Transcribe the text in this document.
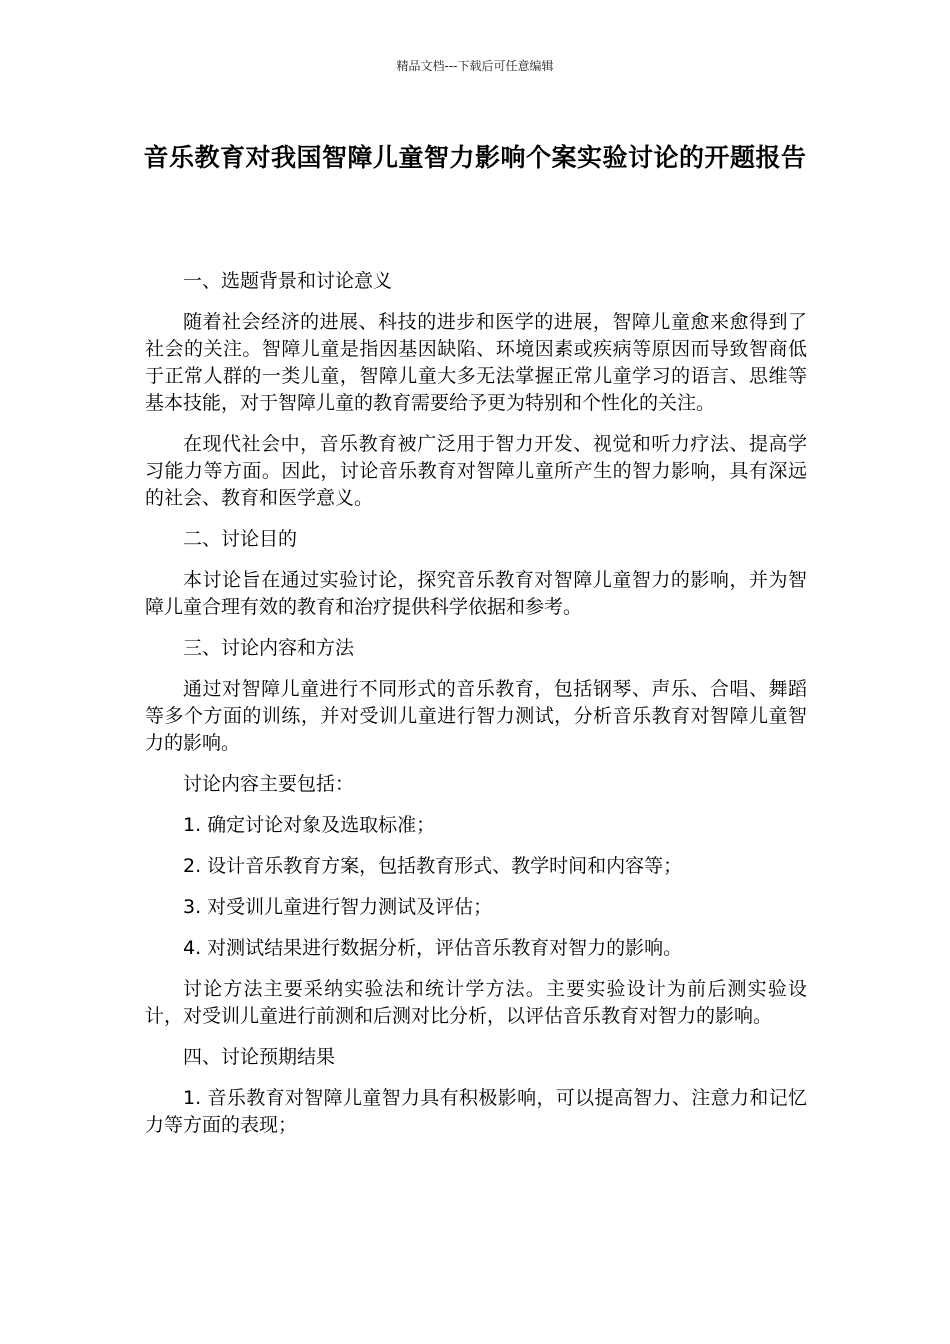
精品文档---下载后可任意编辑
音乐教育对我国智障儿童智力影响个案实验讨论的开题报告

一、选题背景和讨论意义

随着社会经济的进展、科技的进步和医学的进展，智障儿童愈来愈得到了社会的关注。智障儿童是指因基因缺陷、环境因素或疾病等原因而导致智商低于正常人群的一类儿童，智障儿童大多无法掌握正常儿童学习的语言、思维等基本技能，对于智障儿童的教育需要给予更为特别和个性化的关注。

在现代社会中，音乐教育被广泛用于智力开发、视觉和听力疗法、提高学习能力等方面。因此，讨论音乐教育对智障儿童所产生的智力影响，具有深远的社会、教育和医学意义。

二、讨论目的

本讨论旨在通过实验讨论，探究音乐教育对智障儿童智力的影响，并为智障儿童合理有效的教育和治疗提供科学依据和参考。

三、讨论内容和方法

通过对智障儿童进行不同形式的音乐教育，包括钢琴、声乐、合唱、舞蹈等多个方面的训练，并对受训儿童进行智力测试，分析音乐教育对智障儿童智力的影响。

讨论内容主要包括：

1. 确定讨论对象及选取标准；

2. 设计音乐教育方案，包括教育形式、教学时间和内容等；

3. 对受训儿童进行智力测试及评估；

4. 对测试结果进行数据分析，评估音乐教育对智力的影响。

讨论方法主要采纳实验法和统计学方法。主要实验设计为前后测实验设计，对受训儿童进行前测和后测对比分析，以评估音乐教育对智力的影响。

四、讨论预期结果

1. 音乐教育对智障儿童智力具有积极影响，可以提高智力、注意力和记忆力等方面的表现；
